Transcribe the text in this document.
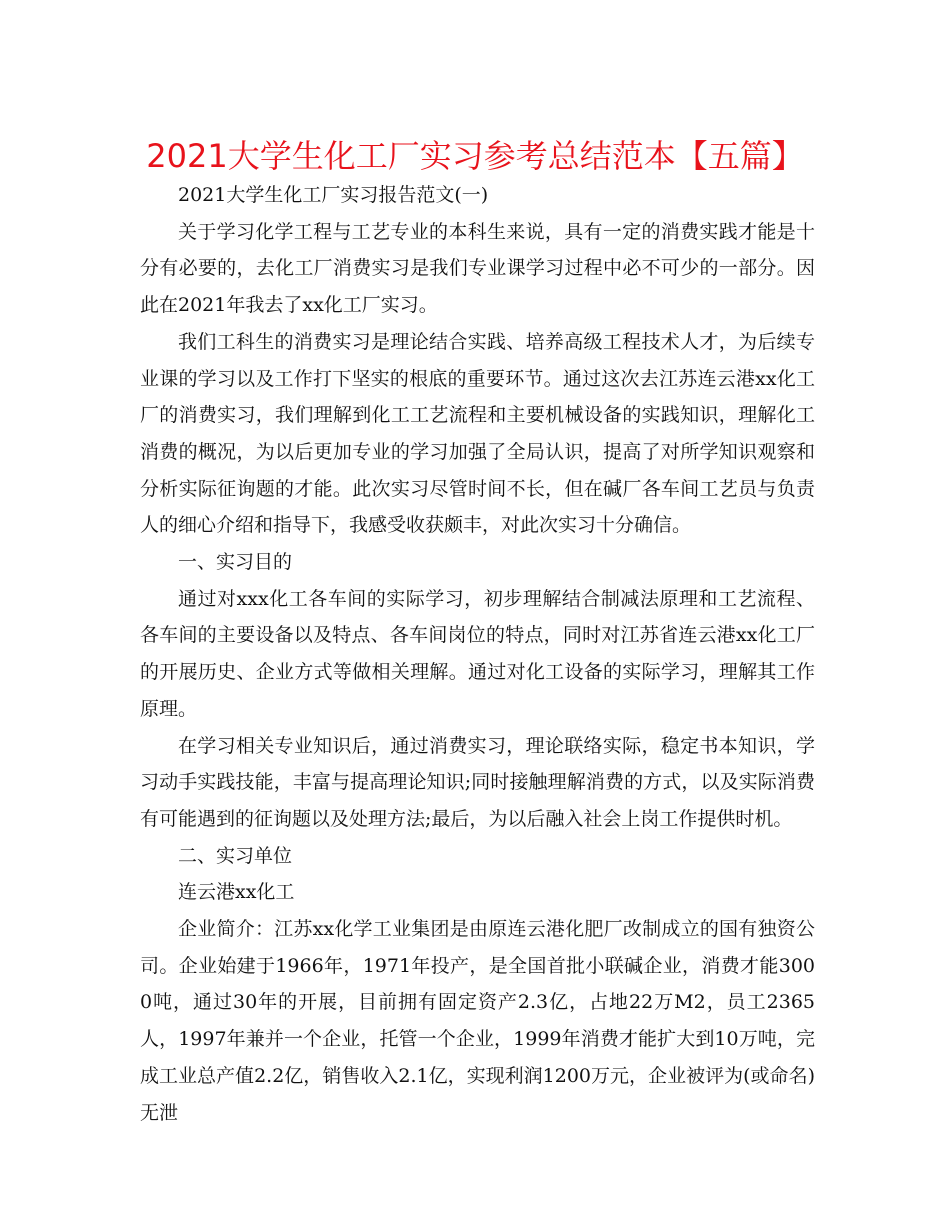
2021大学生化工厂实习参考总结范本【五篇】

2021大学生化工厂实习报告范文(一)

关于学习化学工程与工艺专业的本科生来说，具有一定的消费实践才能是十分有必要的，去化工厂消费实习是我们专业课学习过程中必不可少的一部分。因此在2021年我去了xx化工厂实习。

我们工科生的消费实习是理论结合实践、培养高级工程技术人才，为后续专业课的学习以及工作打下坚实的根底的重要环节。通过这次去江苏连云港xx化工厂的消费实习，我们理解到化工工艺流程和主要机械设备的实践知识，理解化工消费的概况，为以后更加专业的学习加强了全局认识，提高了对所学知识观察和分析实际征询题的才能。此次实习尽管时间不长，但在碱厂各车间工艺员与负责人的细心介绍和指导下，我感受收获颇丰，对此次实习十分确信。

一、实习目的

通过对xxx化工各车间的实际学习，初步理解结合制减法原理和工艺流程、各车间的主要设备以及特点、各车间岗位的特点，同时对江苏省连云港xx化工厂的开展历史、企业方式等做相关理解。通过对化工设备的实际学习，理解其工作原理。

在学习相关专业知识后，通过消费实习，理论联络实际，稳定书本知识，学习动手实践技能，丰富与提高理论知识;同时接触理解消费的方式，以及实际消费有可能遇到的征询题以及处理方法;最后，为以后融入社会上岗工作提供时机。

二、实习单位

连云港xx化工

企业简介：江苏xx化学工业集团是由原连云港化肥厂改制成立的国有独资公司。企业始建于1966年，1971年投产，是全国首批小联碱企业，消费才能3000吨，通过30年的开展，目前拥有固定资产2.3亿，占地22万M2，员工2365人，1997年兼并一个企业，托管一个企业，1999年消费才能扩大到10万吨，完成工业总产值2.2亿，销售收入2.1亿，实现利润1200万元，企业被评为(或命名)无泄
